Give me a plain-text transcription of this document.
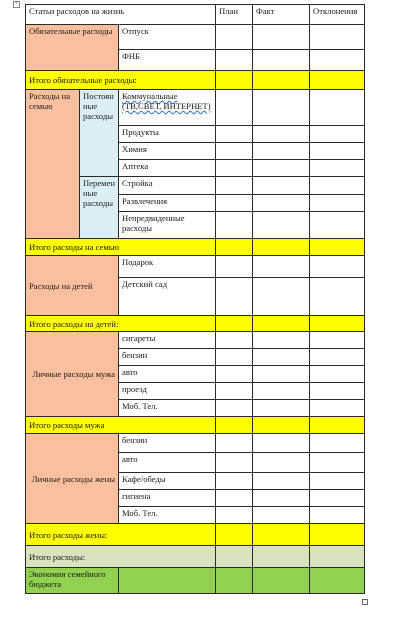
+
Статьи расходов на жизнь			План	Факт	Отклонения
Обязательные расходы		Отпуск			
		ФНБ			
Итого обязательные расходы:					
Расходы на семью	Постоянные расходы	Коммунальные (ТВ,СВЕТ, ИНТЕРНЕТ)			
		Продукты			
		Химия			
		Аптека			
	Переменные расходы	Стройка			
		Развлечения			
		Непредвиденные расходы			
Итого расходы на семью					
Расходы на детей		Подарок			
		Детский сад			
Итого расходы на детей:					
Личные расходы мужа		сигареты			
		бензин			
		авто			
		проезд			
		Моб. Тел.			
Итого расходы мужа					
Личные расходы жены		бензин			
		авто			
		Кафе/обеды			
		гигиена			
		Моб. Тел.			
Итого расходы жены:					
Итого расходы:					
Экономия семейного бюджета					
